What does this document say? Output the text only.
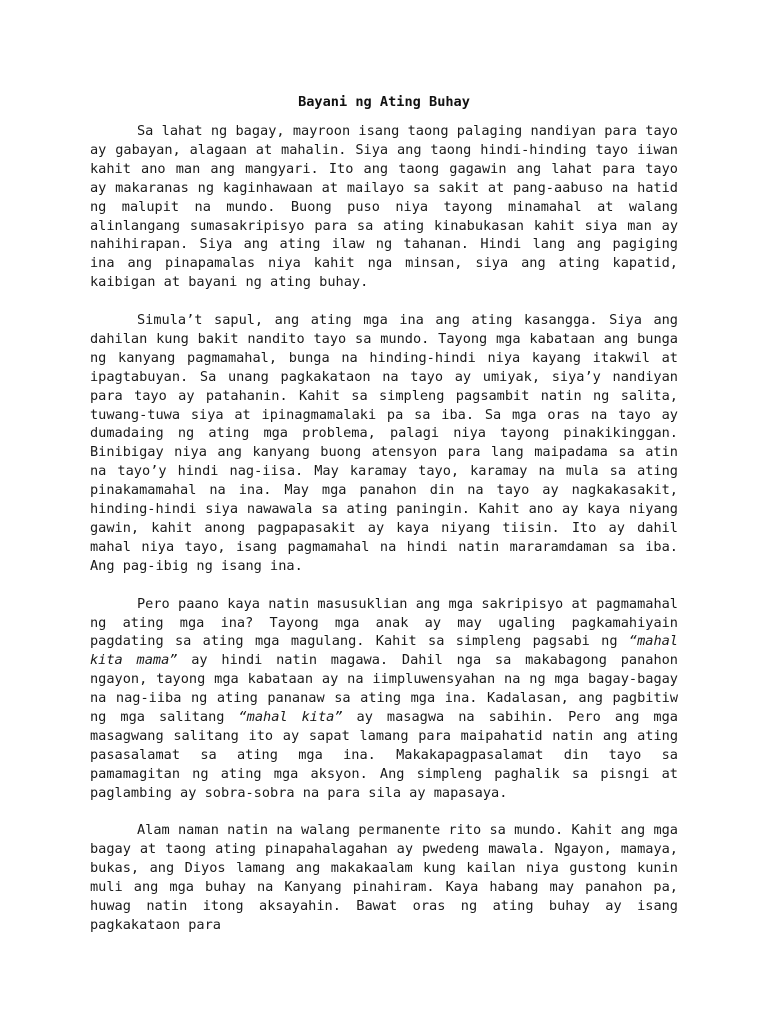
Bayani ng Ating Buhay

Sa lahat ng bagay, mayroon isang taong palaging nandiyan para tayo ay gabayan, alagaan at mahalin. Siya ang taong hindi-hinding tayo iiwan kahit ano man ang mangyari. Ito ang taong gagawin ang lahat para tayo ay makaranas ng kaginhawaan at mailayo sa sakit at pang-aabuso na hatid ng malupit na mundo. Buong puso niya tayong minamahal at walang alinlangang sumasakripisyo para sa ating kinabukasan kahit siya man ay nahihirapan. Siya ang ating ilaw ng tahanan. Hindi lang ang pagiging ina ang pinapamalas niya kahit nga minsan, siya ang ating kapatid, kaibigan at bayani ng ating buhay.

Simula’t sapul, ang ating mga ina ang ating kasangga. Siya ang dahilan kung bakit nandito tayo sa mundo. Tayong mga kabataan ang bunga ng kanyang pagmamahal, bunga na hinding-hindi niya kayang itakwil at ipagtabuyan. Sa unang pagkakataon na tayo ay umiyak, siya’y nandiyan para tayo ay patahanin. Kahit sa simpleng pagsambit natin ng salita, tuwang-tuwa siya at ipinagmamalaki pa sa iba. Sa mga oras na tayo ay dumadaing ng ating mga problema, palagi niya tayong pinakikinggan. Binibigay niya ang kanyang buong atensyon para lang maipadama sa atin na tayo’y hindi nag-iisa. May karamay tayo, karamay na mula sa ating pinakamamahal na ina. May mga panahon din na tayo ay nagkakasakit, hinding-hindi siya nawawala sa ating paningin. Kahit ano ay kaya niyang gawin, kahit anong pagpapasakit ay kaya niyang tiisin. Ito ay dahil mahal niya tayo, isang pagmamahal na hindi natin mararamdaman sa iba. Ang pag-ibig ng isang ina.

Pero paano kaya natin masusuklian ang mga sakripisyo at pagmamahal ng ating mga ina? Tayong mga anak ay may ugaling pagkamahiyain pagdating sa ating mga magulang. Kahit sa simpleng pagsabi ng “mahal kita mama” ay hindi natin magawa. Dahil nga sa makabagong panahon ngayon, tayong mga kabataan ay na iimpluwensyahan na ng mga bagay-bagay na nag-iiba ng ating pananaw sa ating mga ina. Kadalasan, ang pagbitiw ng mga salitang “mahal kita” ay masagwa na sabihin. Pero ang mga masagwang salitang ito ay sapat lamang para maipahatid natin ang ating pasasalamat sa ating mga ina. Makakapagpasalamat din tayo sa pamamagitan ng ating mga aksyon. Ang simpleng paghalik sa pisngi at paglambing ay sobra-sobra na para sila ay mapasaya.

Alam naman natin na walang permanente rito sa mundo. Kahit ang mga bagay at taong ating pinapahalagahan ay pwedeng mawala. Ngayon, mamaya, bukas, ang Diyos lamang ang makakaalam kung kailan niya gustong kunin muli ang mga buhay na Kanyang pinahiram. Kaya habang may panahon pa, huwag natin itong aksayahin. Bawat oras ng ating buhay ay isang pagkakataon para
